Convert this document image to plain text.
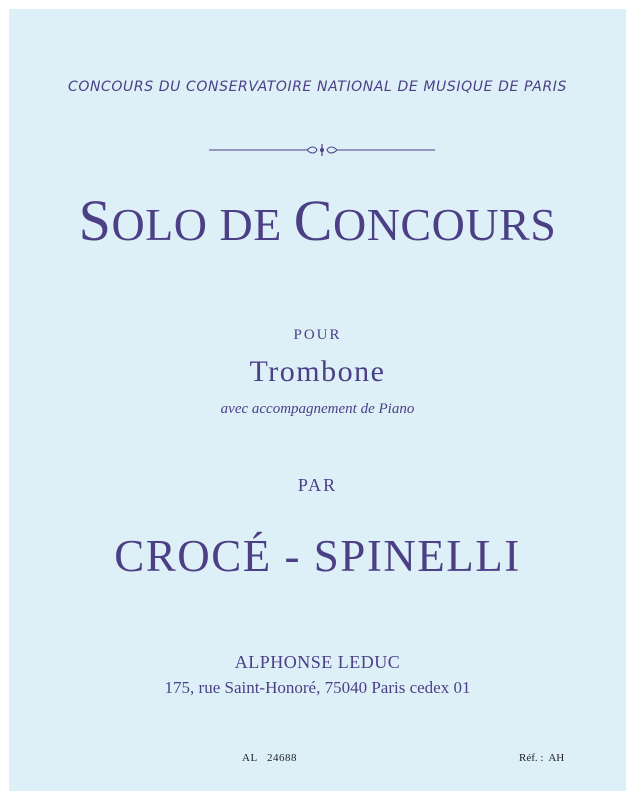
CONCOURS DU CONSERVATOIRE NATIONAL DE MUSIQUE DE PARIS
SOLO DE CONCOURS
POUR
Trombone
avec accompagnement de Piano
PAR
CROCÉ - SPINELLI
ALPHONSE LEDUC
175, rue Saint-Honoré, 75040 Paris cedex 01
AL   24688	Réf. :  AH
